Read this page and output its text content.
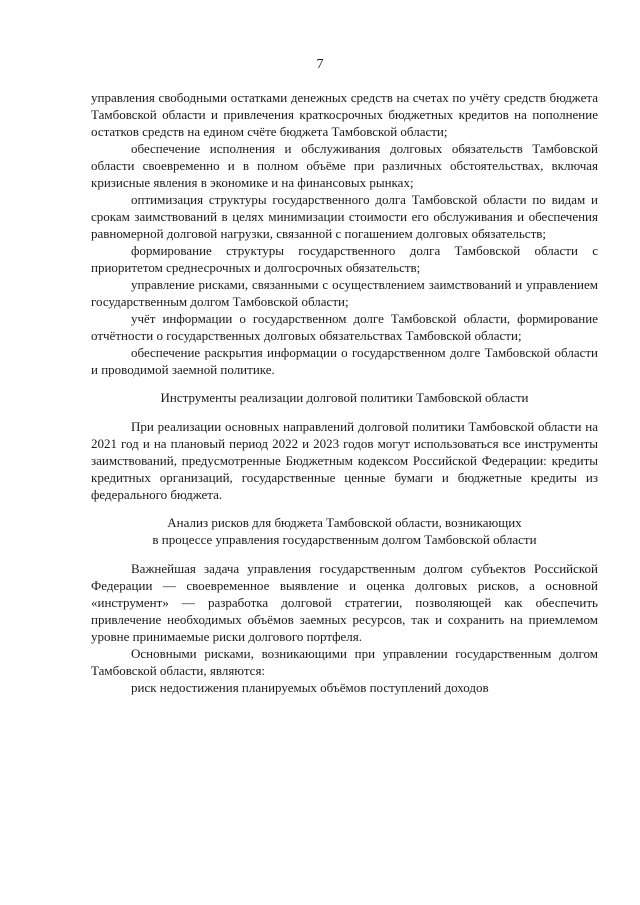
7

управления свободными остатками денежных средств на счетах по учёту средств бюджета Тамбовской области и привлечения краткосрочных бюджетных кредитов на пополнение остатков средств на едином счёте бюджета Тамбовской области;

обеспечение исполнения и обслуживания долговых обязательств Тамбовской области своевременно и в полном объёме при различных обстоятельствах, включая кризисные явления в экономике и на финансовых рынках;

оптимизация структуры государственного долга Тамбовской области по видам и срокам заимствований в целях минимизации стоимости его обслуживания и обеспечения равномерной долговой нагрузки, связанной с погашением долговых обязательств;

формирование структуры государственного долга Тамбовской области с приоритетом среднесрочных и долгосрочных обязательств;

управление рисками, связанными с осуществлением заимствований и управлением государственным долгом Тамбовской области;

учёт информации о государственном долге Тамбовской области, формирование отчётности о государственных долговых обязательствах Тамбовской области;

обеспечение раскрытия информации о государственном долге Тамбовской области и проводимой заемной политике.

Инструменты реализации долговой политики Тамбовской области

При реализации основных направлений долговой политики Тамбовской области на 2021 год и на плановый период 2022 и 2023 годов могут использоваться все инструменты заимствований, предусмотренные Бюджетным кодексом Российской Федерации: кредиты кредитных организаций, государственные ценные бумаги и бюджетные кредиты из федерального бюджета.

Анализ рисков для бюджета Тамбовской области, возникающих
в процессе управления государственным долгом Тамбовской области

Важнейшая задача управления государственным долгом субъектов Российской Федерации — своевременное выявление и оценка долговых рисков, а основной «инструмент» — разработка долговой стратегии, позволяющей как обеспечить привлечение необходимых объёмов заемных ресурсов, так и сохранить на приемлемом уровне принимаемые риски долгового портфеля.

Основными рисками, возникающими при управлении государственным долгом Тамбовской области, являются:

риск недостижения планируемых объёмов поступлений доходов
